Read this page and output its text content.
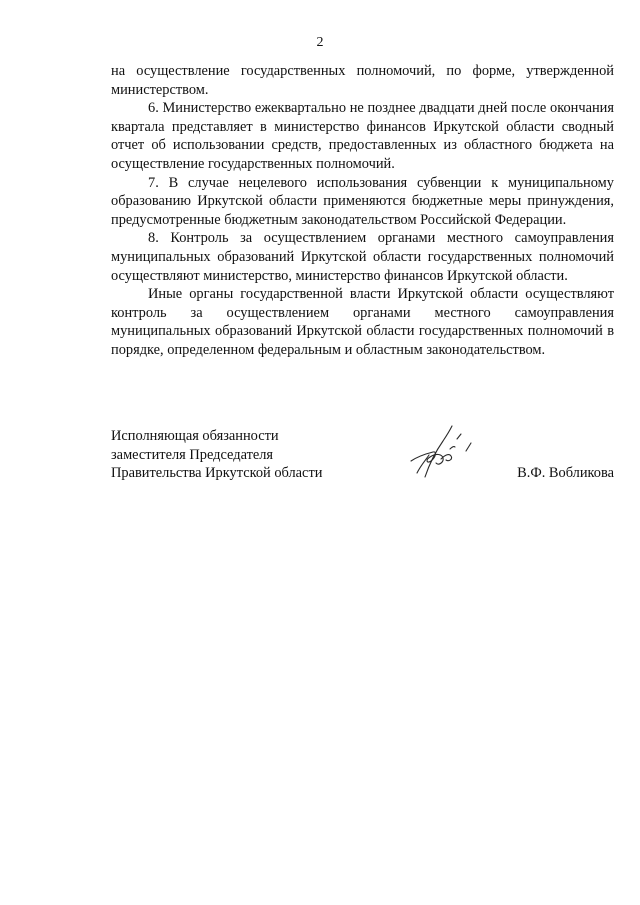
2

на осуществление государственных полномочий, по форме, утвержденной министерством.

6. Министерство ежеквартально не позднее двадцати дней после окончания квартала представляет в министерство финансов Иркутской области сводный отчет об использовании средств, предоставленных из областного бюджета на осуществление государственных полномочий.

7. В случае нецелевого использования субвенции к муниципальному образованию Иркутской области применяются бюджетные меры принуждения, предусмотренные бюджетным законодательством Российской Федерации.

8. Контроль за осуществлением органами местного самоуправления муниципальных образований Иркутской области государственных полномочий осуществляют министерство, министерство финансов Иркутской области.

Иные органы государственной власти Иркутской области осуществляют контроль за осуществлением органами местного самоуправления муниципальных образований Иркутской области государственных полномочий в порядке, определенном федеральным и областным законодательством.

Исполняющая обязанности
заместителя Председателя
Правительства Иркутской области	В.Ф. Вобликова
